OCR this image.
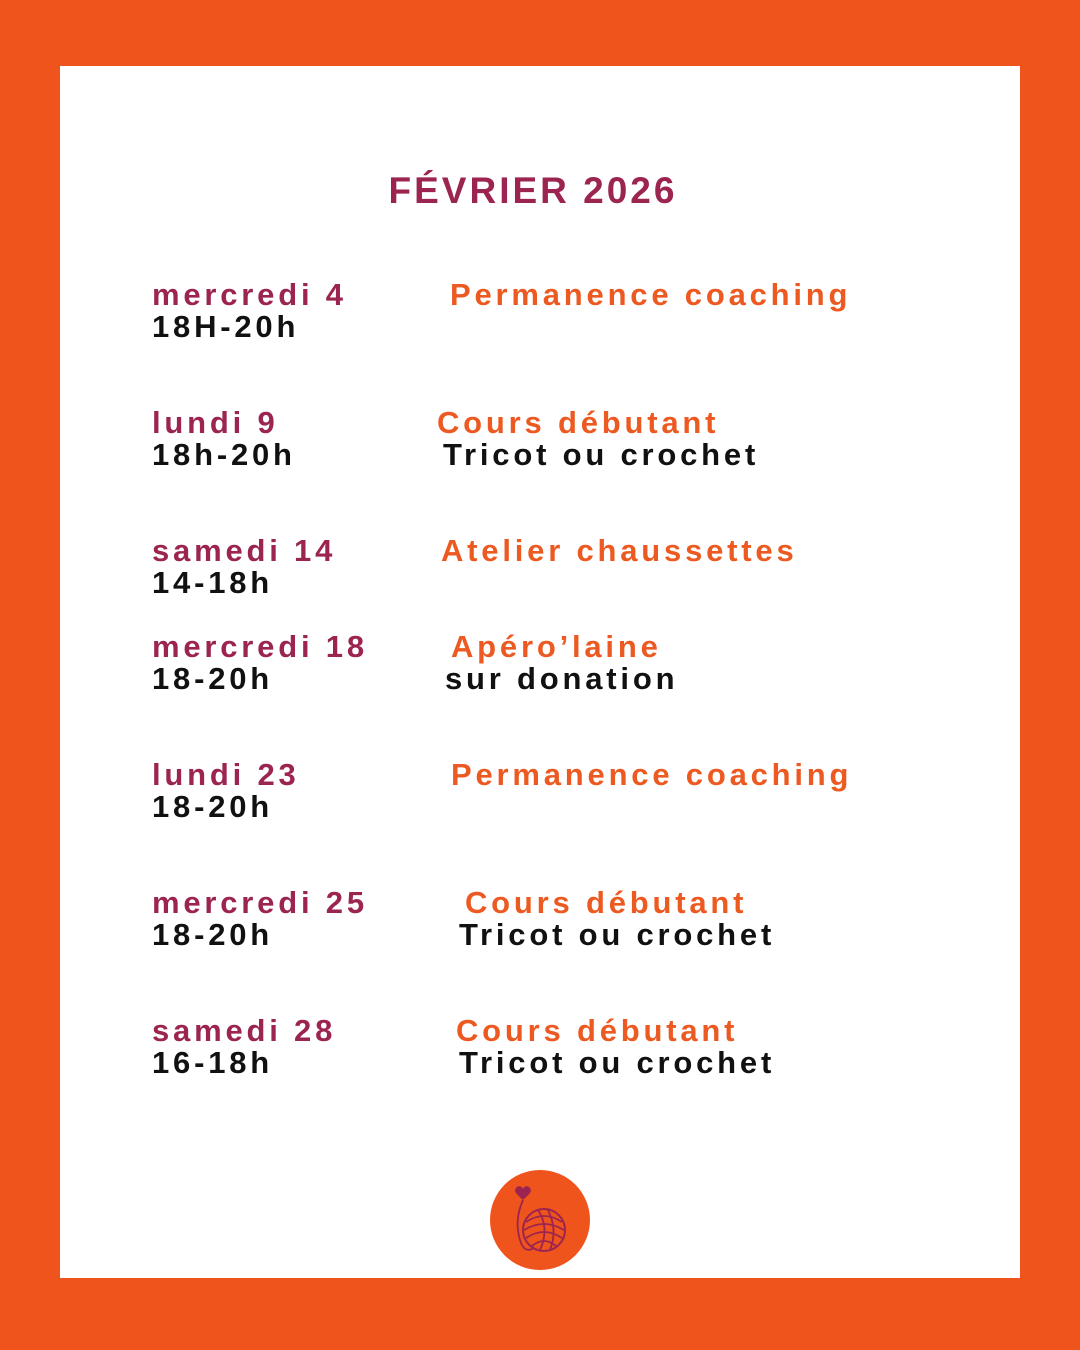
FÉVRIER 2026

mercredi 4

18H-20h

Permanence coaching

lundi 9

18h-20h

Cours débutant

Tricot ou crochet

samedi 14

14-18h

Atelier chaussettes

mercredi 18

18-20h

Apéro’laine

sur donation

lundi 23

18-20h

Permanence coaching

mercredi 25

18-20h

Cours débutant

Tricot ou crochet

samedi 28

16-18h

Cours débutant

Tricot ou crochet
